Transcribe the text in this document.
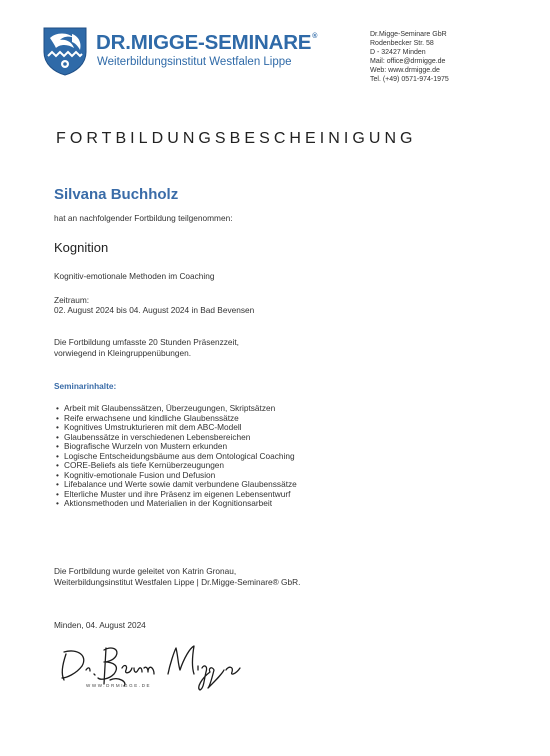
DR.MIGGE-SEMINARE®
Weiterbildungsinstitut Westfalen Lippe
Dr.Migge-Seminare GbR
Rodenbecker Str. 58
D - 32427 Minden
Mail: office@drmigge.de
Web: www.drmigge.de
Tel. (+49) 0571-974-1975
FORTBILDUNGSBESCHEINIGUNG
Silvana Buchholz
hat an nachfolgender Fortbildung teilgenommen:
Kognition
Kognitiv-emotionale Methoden im Coaching
Zeitraum:
02. August 2024 bis 04. August 2024 in Bad Bevensen
Die Fortbildung umfasste 20 Stunden Präsenzzeit,
vorwiegend in Kleingruppenübungen.
Seminarinhalte:
• Arbeit mit Glaubenssätzen, Überzeugungen, Skriptsätzen
• Reife erwachsene und kindliche Glaubenssätze
• Kognitives Umstrukturieren mit dem ABC-Modell
• Glaubenssätze in verschiedenen Lebensbereichen
• Biografische Wurzeln von Mustern erkunden
• Logische Entscheidungsbäume aus dem Ontological Coaching
• CORE-Beliefs als tiefe Kernüberzeugungen
• Kognitiv-emotionale Fusion und Defusion
• Lifebalance und Werte sowie damit verbundene Glaubenssätze
• Elterliche Muster und ihre Präsenz im eigenen Lebensentwurf
• Aktionsmethoden und Materialien in der Kognitionsarbeit
Die Fortbildung wurde geleitet von Katrin Gronau,
Weiterbildungsinstitut Westfalen Lippe | Dr.Migge-Seminare® GbR.
Minden, 04. August 2024
WWW.DRMIGGE.DE
